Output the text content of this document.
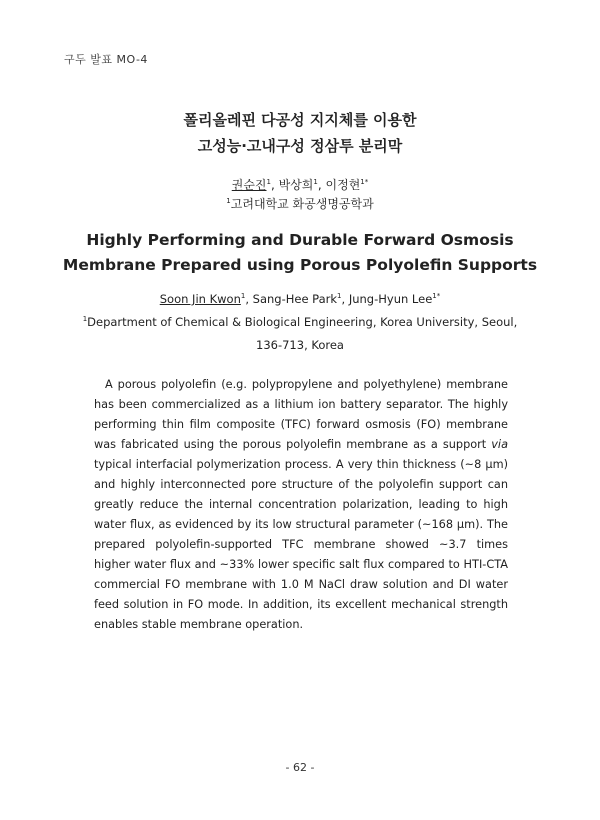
구두 발표 MO-4
폴리올레핀 다공성 지지체를 이용한
고성능·고내구성 정삼투 분리막
권순진$^1$, 박상희$^1$, 이정현$^{1*}$
$^1$고려대학교 화공생명공학과
Highly Performing and Durable Forward Osmosis
Membrane Prepared using Porous Polyolefin Supports
Soon Jin Kwon$^1$, Sang-Hee Park$^1$, Jung-Hyun Lee$^{1*}$
$^1$Department of Chemical & Biological Engineering, Korea University, Seoul,
136-713, Korea

A porous polyolefin (e.g. polypropylene and polyethylene) membrane has been commercialized as a lithium ion battery separator. The highly performing thin film composite (TFC) forward osmosis (FO) membrane was fabricated using the porous polyolefin membrane as a support via typical interfacial polymerization process. A very thin thickness (~8 μm) and highly interconnected pore structure of the polyolefin support can greatly reduce the internal concentration polarization, leading to high water flux, as evidenced by its low structural parameter (~168 μm). The prepared polyolefin-supported TFC membrane showed ~3.7 times higher water flux and ~33% lower specific salt flux compared to HTI-CTA commercial FO membrane with 1.0 M NaCl draw solution and DI water feed solution in FO mode. In addition, its excellent mechanical strength enables stable membrane operation.

- 62 -
